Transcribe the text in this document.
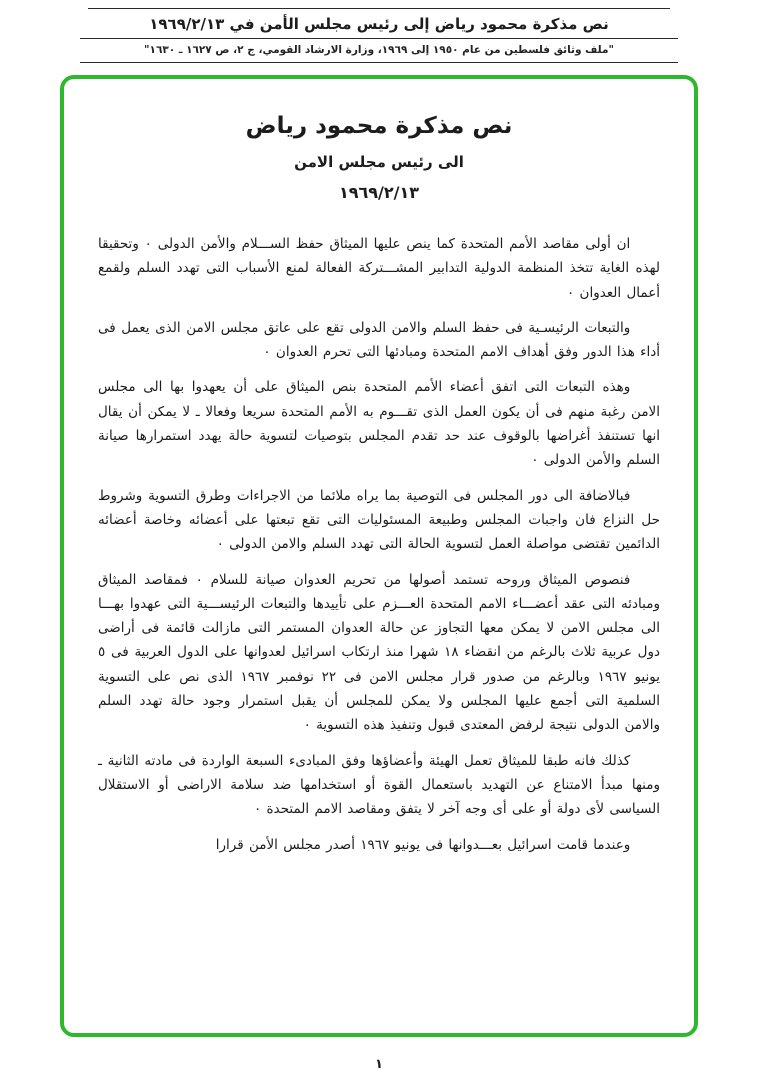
نص مذكرة محمود رياض إلى رئيس مجلس الأمن في ١٩٦٩/٢/١٣
"ملف وثائق فلسطين من عام ١٩٥٠ إلى ١٩٦٩، وزارة الارشاد القومي، ج ٢، ص ١٦٢٧ ـ ١٦٣٠"
نص مذكرة محمود رياض
الى رئيس مجلس الامن
١٩٦٩/٢/١٣

ان أولى مقاصد الأمم المتحدة كما ينص عليها الميثاق حفظ الســـلام والأمن الدولى ٠ وتحقيقا لهذه الغاية تتخذ المنظمة الدولية التدابير المشـــتركة الفعالة لمنع الأسباب التى تهدد السلم ولقمع أعمال العدوان ٠

والتبعات الرئيسـية فى حفظ السلم والامن الدولى تقع على عاتق مجلس الامن الذى يعمل فى أداء هذا الدور وفق أهداف الامم المتحدة ومبادئها التى تحرم العدوان ٠

وهذه التبعات التى اتفق أعضاء الأمم المتحدة بنص الميثاق على أن يعهدوا بها الى مجلس الامن رغبة منهم فى أن يكون العمل الذى تقـــوم به الأمم المتحدة سريعا وفعالا ـ لا يمكن أن يقال انها تستنفذ أغراضها بالوقوف عند حد تقدم المجلس بتوصيات لتسوية حالة يهدد استمرارها صيانة السلم والأمن الدولى ٠

فبالاضافة الى دور المجلس فى التوصية بما يراه ملائما من الاجراءات وطرق التسوية وشروط حل النزاع فان واجبات المجلس وطبيعة المسئوليات التى تقع تبعتها على أعضائه وخاصة أعضائه الدائمين تقتضى مواصلة العمل لتسوية الحالة التى تهدد السلم والامن الدولى ٠

فنصوص الميثاق وروحه تستمد أصولها من تحريم العدوان صيانة للسلام ٠ فمقاصد الميثاق ومبادئه التى عقد أعضـــاء الامم المتحدة العـــزم على تأييدها والتبعات الرئيســـية التى عهدوا بهـــا الى مجلس الامن لا يمكن معها التجاوز عن حالة العدوان المستمر التى مازالت قائمة فى أراضى دول عربية ثلاث بالرغم من انقضاء ١٨ شهرا منذ ارتكاب اسرائيل لعدوانها على الدول العربية فى ٥ يونيو ١٩٦٧ وبالرغم من صدور قرار مجلس الامن فى ٢٢ نوفمبر ١٩٦٧ الذى نص على التسوية السلمية التى أجمع عليها المجلس ولا يمكن للمجلس أن يقبل استمرار وجود حالة تهدد السلم والامن الدولى نتيجة لرفض المعتدى قبول وتنفيذ هذه التسوية ٠

كذلك فانه طبقا للميثاق تعمل الهيئة وأعضاؤها وفق المبادىء السبعة الواردة فى مادته الثانية ـ ومنها مبدأ الامتناع عن التهديد باستعمال القوة أو استخدامها ضد سلامة الاراضى أو الاستقلال السياسى لأى دولة أو على أى وجه آخر لا يتفق ومقاصد الامم المتحدة ٠

وعندما قامت اسرائيل بعـــدوانها فى يونيو ١٩٦٧ أصدر مجلس الأمن قرارا

١
